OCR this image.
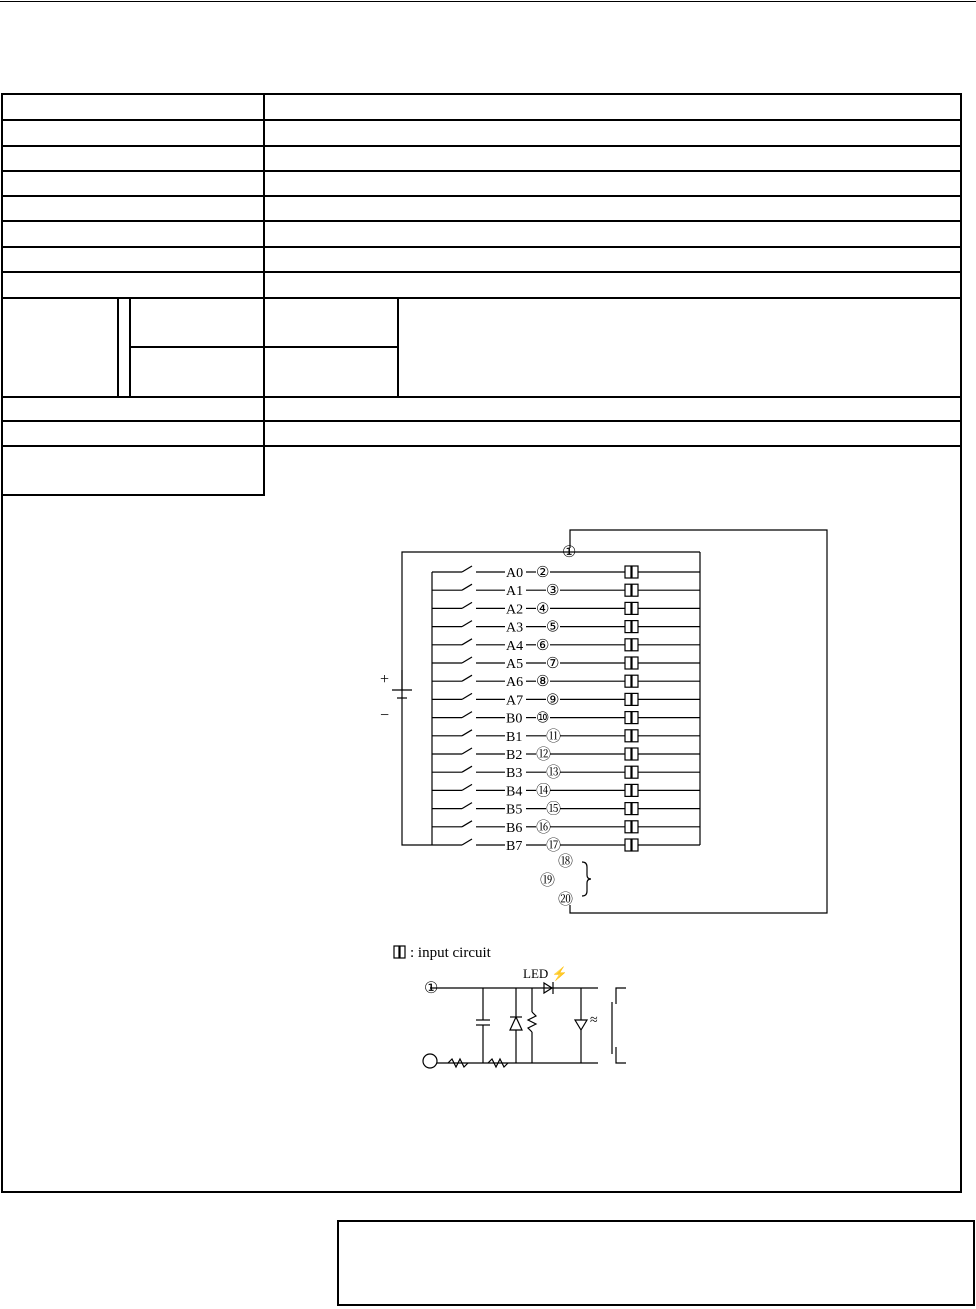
①
A0 ②
A1 ③
A2 ④
A3 ⑤
A4 ⑥
A5 ⑦
A6 ⑧
A7 ⑨
B0 ⑩
B1 ⑪
B2 ⑫
B3 ⑬
B4 ⑭
B5 ⑮
B6 ⑯
B7 ⑰
⑱
⑲
⑳
: input circuit
LED ⚡
①
≈
+
−
